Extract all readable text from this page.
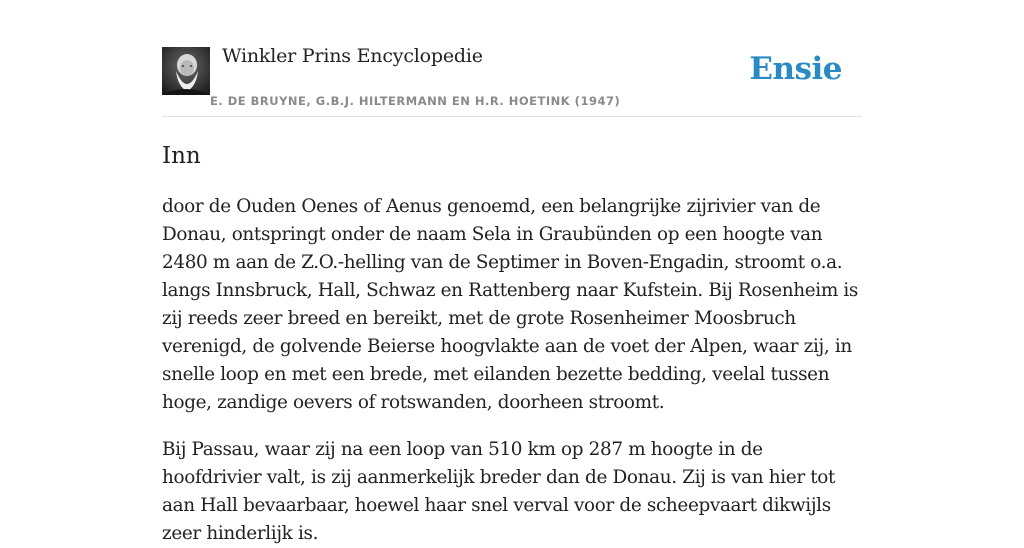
Winkler Prins Encyclopedie
E. DE BRUYNE, G.B.J. HILTERMANN EN H.R. HOETINK (1947)
Ensie
Inn

door de Ouden Oenes of Aenus genoemd, een belangrijke zijrivier van de Donau, ontspringt onder de naam Sela in Graubünden op een hoogte van 2480 m aan de Z.O.-helling van de Septimer in Boven-Engadin, stroomt o.a. langs Innsbruck, Hall, Schwaz en Rattenberg naar Kufstein. Bij Rosenheim is zij reeds zeer breed en bereikt, met de grote Rosenheimer Moosbruch verenigd, de golvende Beierse hoogvlakte aan de voet der Alpen, waar zij, in snelle loop en met een brede, met eilanden bezette bedding, veelal tussen hoge, zandige oevers of rotswanden, doorheen stroomt.

Bij Passau, waar zij na een loop van 510 km op 287 m hoogte in de hoofdrivier valt, is zij aanmerkelijk breder dan de Donau. Zij is van hier tot aan Hall bevaarbaar, hoewel haar snel verval voor de scheepvaart dikwijls zeer hinderlijk is.
